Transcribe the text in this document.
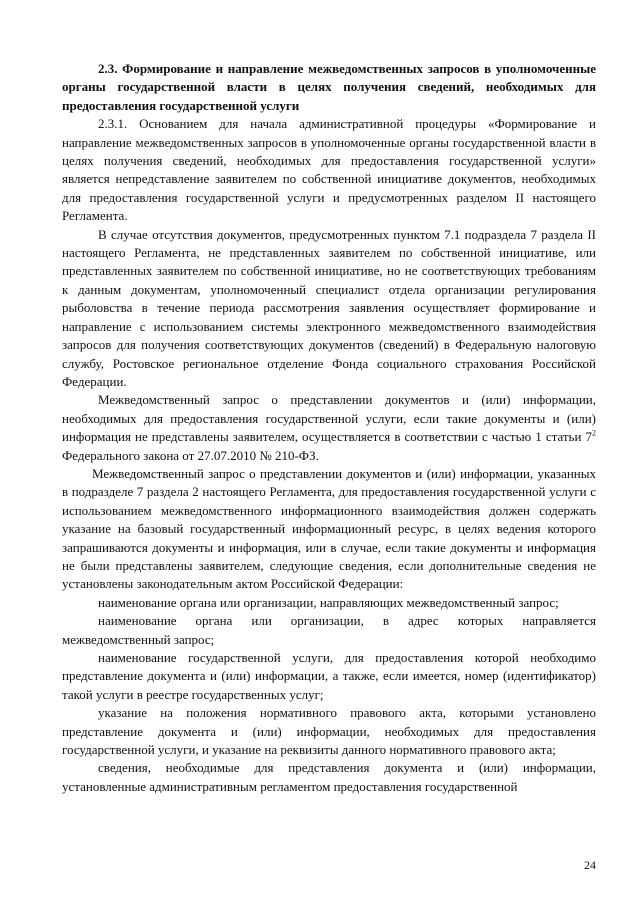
2.3. Формирование и направление межведомственных запросов в уполномоченные органы государственной власти в целях получения сведений, необходимых для предоставления государственной услуги

2.3.1. Основанием для начала административной процедуры «Формирование и направление межведомственных запросов в уполномоченные органы государственной власти в целях получения сведений, необходимых для предоставления государственной услуги» является непредставление заявителем по собственной инициативе документов, необходимых для предоставления государственной услуги и предусмотренных разделом II настоящего Регламента.

В случае отсутствия документов, предусмотренных пунктом 7.1 подраздела 7 раздела II настоящего Регламента, не представленных заявителем по собственной инициативе, или представленных заявителем по собственной инициативе, но не соответствующих требованиям к данным документам, уполномоченный специалист отдела организации регулирования рыболовства в течение периода рассмотрения заявления осуществляет формирование и направление с использованием системы электронного межведомственного взаимодействия запросов для получения соответствующих документов (сведений) в Федеральную налоговую службу, Ростовское региональное отделение Фонда социального страхования Российской Федерации.

Межведомственный запрос о представлении документов и (или) информации, необходимых для предоставления государственной услуги, если такие документы и (или) информация не представлены заявителем, осуществляется в соответствии с частью 1 статьи $7^2$ Федерального закона от 27.07.2010 № 210-ФЗ.

Межведомственный запрос о представлении документов и (или) информации, указанных в подразделе 7 раздела 2 настоящего Регламента, для предоставления государственной услуги с использованием межведомственного информационного взаимодействия должен содержать указание на базовый государственный информационный ресурс, в целях ведения которого запрашиваются документы и информация, или в случае, если такие документы и информация не были представлены заявителем, следующие сведения, если дополнительные сведения не установлены законодательным актом Российской Федерации:

наименование органа или организации, направляющих межведомственный запрос;

наименование органа или организации, в адрес которых направляется межведомственный запрос;

наименование государственной услуги, для предоставления которой необходимо представление документа и (или) информации, а также, если имеется, номер (идентификатор) такой услуги в реестре государственных услуг;

указание на положения нормативного правового акта, которыми установлено представление документа и (или) информации, необходимых для предоставления государственной услуги, и указание на реквизиты данного нормативного правового акта;

сведения, необходимые для представления документа и (или) информации, установленные административным регламентом предоставления государственной

24
